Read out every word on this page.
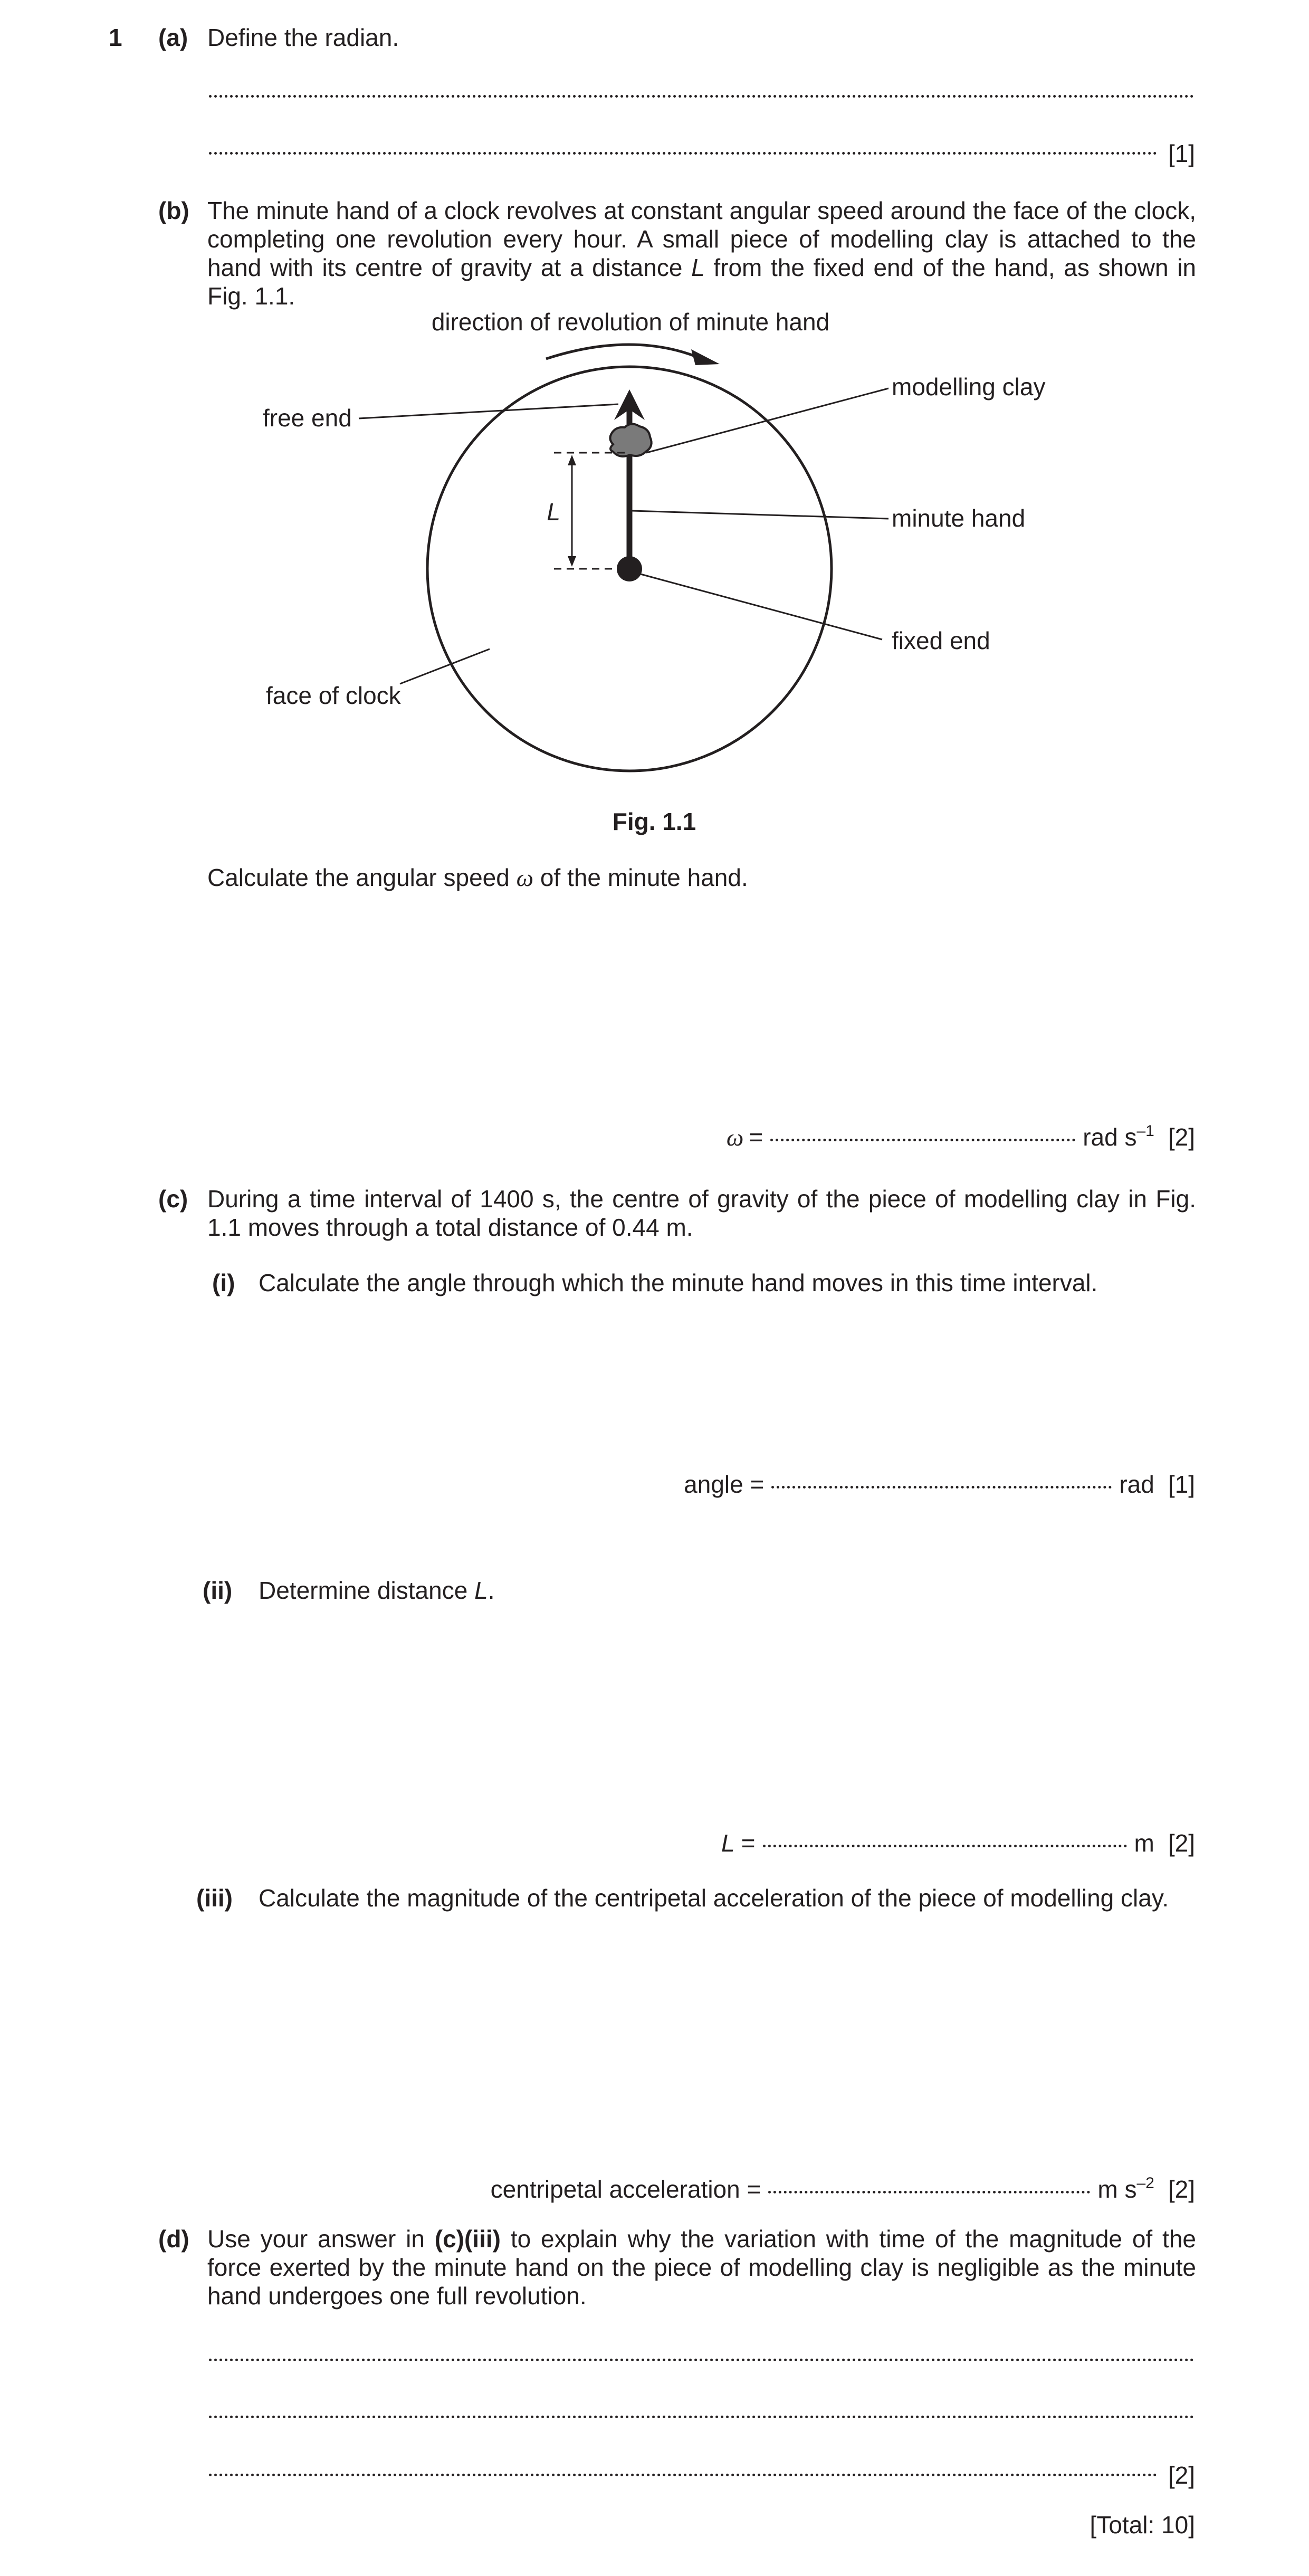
1 (a) Define the radian.
[1]
(b) The minute hand of a clock revolves at constant angular speed around the face of the clock, completing one revolution every hour. A small piece of modelling clay is attached to the hand with its centre of gravity at a distance L from the fixed end of the hand, as shown in Fig. 1.1.
direction of revolution of minute hand
L
free end
modelling clay
minute hand
fixed end
face of clock
Fig. 1.1
Calculate the angular speed ω of the minute hand.
ω =	rad $s^{-1}$ [2]
(c) During a time interval of 1400 s, the centre of gravity of the piece of modelling clay in Fig. 1.1 moves through a total distance of 0.44 m.
(i) Calculate the angle through which the minute hand moves in this time interval.
angle =	rad [1]
(ii) Determine distance L.
L =	m [2]
(iii) Calculate the magnitude of the centripetal acceleration of the piece of modelling clay.
centripetal acceleration =	m $s^{-2}$ [2]
(d) Use your answer in (c)(iii) to explain why the variation with time of the magnitude of the force exerted by the minute hand on the piece of modelling clay is negligible as the minute hand undergoes one full revolution.
[2]
[Total: 10]
